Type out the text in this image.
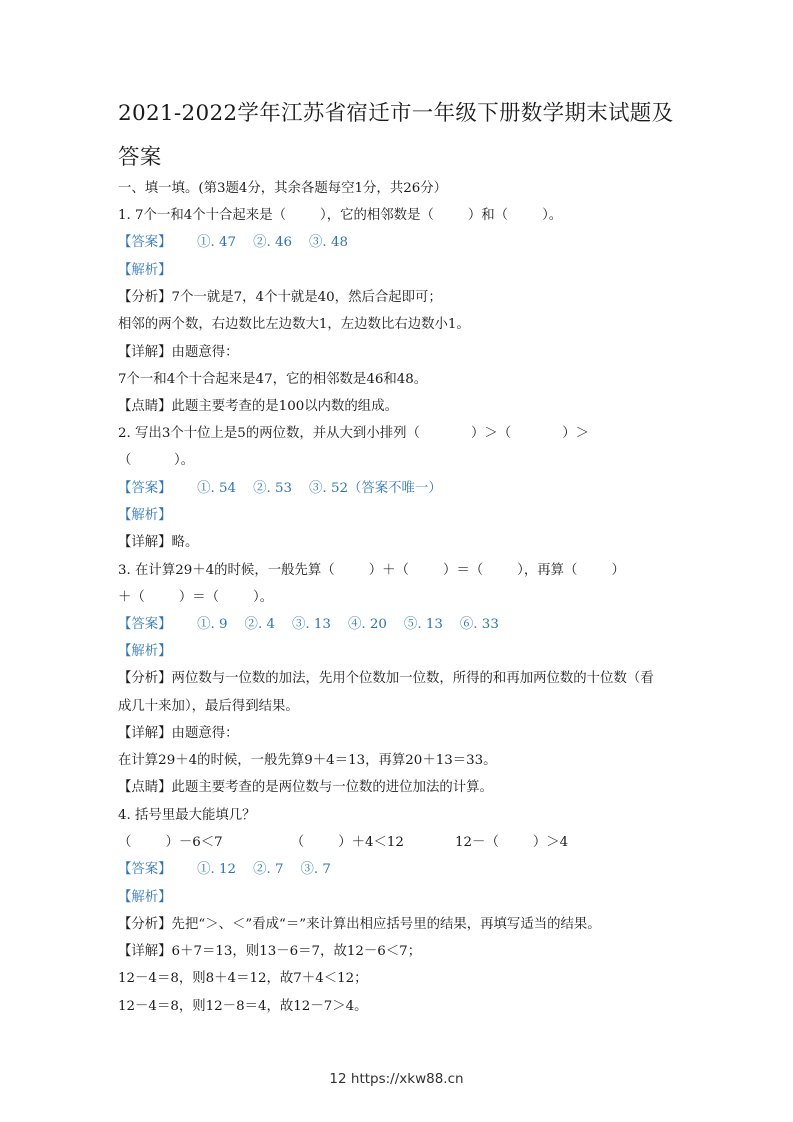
2021-2022学年江苏省宿迁市一年级下册数学期末试题及答案
一、填一填。(第3题4分，其余各题每空1分，共26分）
1. 7个一和4个十合起来是（        ），它的相邻数是（        ）和（        ）。
【答案】      ①. 47    ②. 46    ③. 48
【解析】
【分析】7个一就是7，4个十就是40，然后合起即可；
相邻的两个数，右边数比左边数大1，左边数比右边数小1。
【详解】由题意得：
7个一和4个十合起来是47，它的相邻数是46和48。
【点睛】此题主要考查的是100以内数的组成。
2. 写出3个十位上是5的两位数，并从大到小排列（            ）＞（            ）＞
（          ）。
【答案】      ①. 54    ②. 53    ③. 52（答案不唯一）
【解析】
【详解】略。
3. 在计算29＋4的时候，一般先算（        ）＋（        ）＝（        ），再算（        ）
＋（        ）＝（        ）。
【答案】      ①. 9    ②. 4    ③. 13    ④. 20    ⑤. 13    ⑥. 33
【解析】
【分析】两位数与一位数的加法，先用个位数加一位数，所得的和再加两位数的十位数（看
成几十来加），最后得到结果。
【详解】由题意得：
在计算29＋4的时候，一般先算9＋4＝13，再算20＋13＝33。
【点睛】此题主要考查的是两位数与一位数的进位加法的计算。
4. 括号里最大能填几？
（        ）－6＜7                （        ）＋4＜12            12－（        ）＞4
【答案】      ①. 12    ②. 7    ③. 7
【解析】
【分析】先把“＞、＜”看成“＝”来计算出相应括号里的结果，再填写适当的结果。
【详解】6＋7＝13，则13－6＝7，故12－6＜7；
12－4＝8，则8＋4＝12，故7＋4＜12；
12－4＝8，则12－8＝4，故12－7＞4。
12 https://xkw88.cn
